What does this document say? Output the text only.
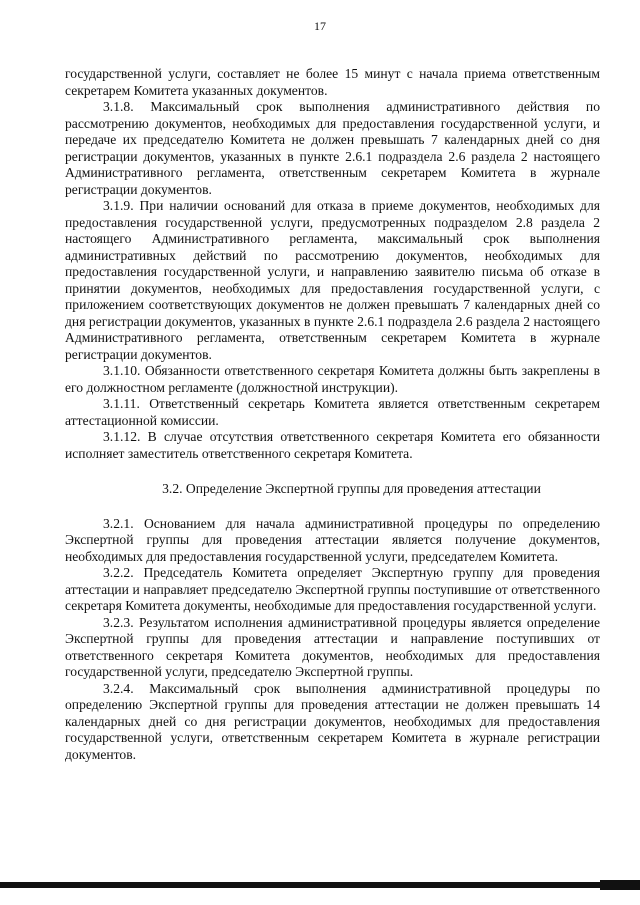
17

государственной услуги, составляет не более 15 минут с начала приема ответственным секретарем Комитета указанных документов.

3.1.8. Максимальный срок выполнения административного действия по рассмотрению документов, необходимых для предоставления государственной услуги, и передаче их председателю Комитета не должен превышать 7 календарных дней со дня регистрации документов, указанных в пункте 2.6.1 подраздела 2.6 раздела 2 настоящего Административного регламента, ответственным секретарем Комитета в журнале регистрации документов.

3.1.9. При наличии оснований для отказа в приеме документов, необходимых для предоставления государственной услуги, предусмотренных подразделом 2.8 раздела 2 настоящего Административного регламента, максимальный срок выполнения административных действий по рассмотрению документов, необходимых для предоставления государственной услуги, и направлению заявителю письма об отказе в принятии документов, необходимых для предоставления государственной услуги, с приложением соответствующих документов не должен превышать 7 календарных дней со дня регистрации документов, указанных в пункте 2.6.1 подраздела 2.6 раздела 2 настоящего Административного регламента, ответственным секретарем Комитета в журнале регистрации документов.

3.1.10. Обязанности ответственного секретаря Комитета должны быть закреплены в его должностном регламенте (должностной инструкции).

3.1.11. Ответственный секретарь Комитета является ответственным секретарем аттестационной комиссии.

3.1.12. В случае отсутствия ответственного секретаря Комитета его обязанности исполняет заместитель ответственного секретаря Комитета.

3.2. Определение Экспертной группы для проведения аттестации

3.2.1. Основанием для начала административной процедуры по определению Экспертной группы для проведения аттестации является получение документов, необходимых для предоставления государственной услуги, председателем Комитета.

3.2.2. Председатель Комитета определяет Экспертную группу для проведения аттестации и направляет председателю Экспертной группы поступившие от ответственного секретаря Комитета документы, необходимые для предоставления государственной услуги.

3.2.3. Результатом исполнения административной процедуры является определение Экспертной группы для проведения аттестации и направление поступивших от ответственного секретаря Комитета документов, необходимых для предоставления государственной услуги, председателю Экспертной группы.

3.2.4. Максимальный срок выполнения административной процедуры по определению Экспертной группы для проведения аттестации не должен превышать 14 календарных дней со дня регистрации документов, необходимых для предоставления государственной услуги, ответственным секретарем Комитета в журнале регистрации документов.
